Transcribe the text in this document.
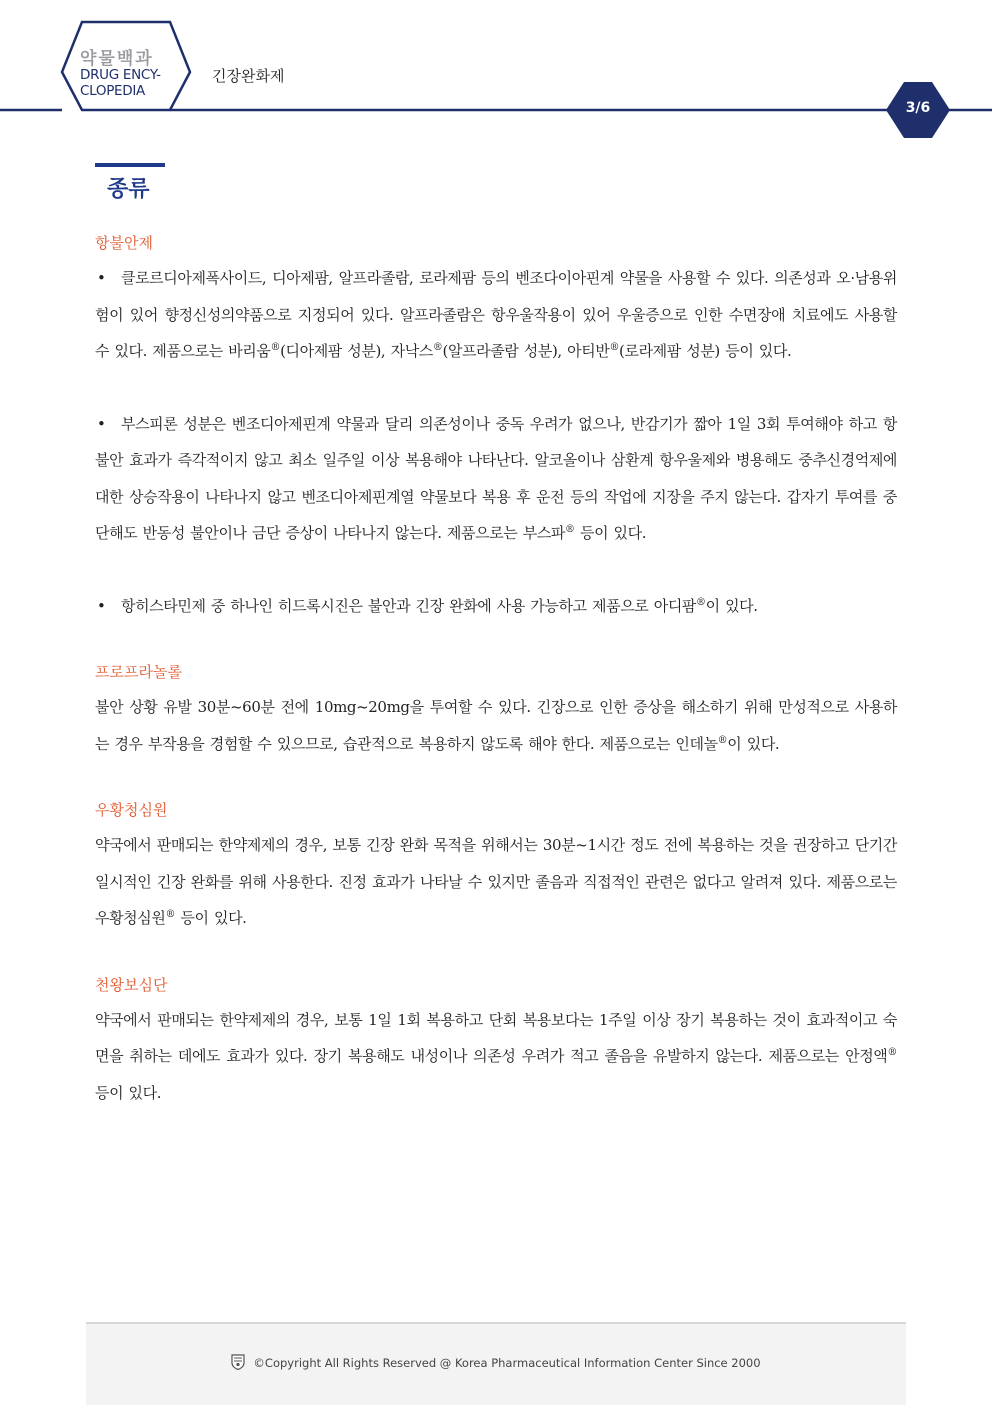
약물백과
DRUG ENCY-
CLOPEDIA
긴장완화제
3/6
종류
항불안제
• 클로르디아제폭사이드, 디아제팜, 알프라졸람, 로라제팜 등의 벤조다이아핀계 약물을 사용할 수 있다. 의존성과 오·남용위험이 있어 향정신성의약품으로 지정되어 있다. 알프라졸람은 항우울작용이 있어 우울증으로 인한 수면장애 치료에도 사용할 수 있다. 제품으로는 바리움®(디아제팜 성분), 자낙스®(알프라졸람 성분), 아티반®(로라제팜 성분) 등이 있다.
• 부스피론 성분은 벤조디아제핀계 약물과 달리 의존성이나 중독 우려가 없으나, 반감기가 짧아 1일 3회 투여해야 하고 항불안 효과가 즉각적이지 않고 최소 일주일 이상 복용해야 나타난다. 알코올이나 삼환계 항우울제와 병용해도 중추신경억제에 대한 상승작용이 나타나지 않고 벤조디아제핀계열 약물보다 복용 후 운전 등의 작업에 지장을 주지 않는다. 갑자기 투여를 중단해도 반동성 불안이나 금단 증상이 나타나지 않는다. 제품으로는 부스파® 등이 있다.
• 항히스타민제 중 하나인 히드록시진은 불안과 긴장 완화에 사용 가능하고 제품으로 아디팜®이 있다.
프로프라놀롤
불안 상황 유발 30분~60분 전에 10mg~20mg을 투여할 수 있다. 긴장으로 인한 증상을 해소하기 위해 만성적으로 사용하는 경우 부작용을 경험할 수 있으므로, 습관적으로 복용하지 않도록 해야 한다. 제품으로는 인데놀®이 있다.
우황청심원
약국에서 판매되는 한약제제의 경우, 보통 긴장 완화 목적을 위해서는 30분~1시간 정도 전에 복용하는 것을 권장하고 단기간 일시적인 긴장 완화를 위해 사용한다. 진정 효과가 나타날 수 있지만 졸음과 직접적인 관련은 없다고 알려져 있다. 제품으로는 우황청심원® 등이 있다.
천왕보심단
약국에서 판매되는 한약제제의 경우, 보통 1일 1회 복용하고 단회 복용보다는 1주일 이상 장기 복용하는 것이 효과적이고 숙면을 취하는 데에도 효과가 있다. 장기 복용해도 내성이나 의존성 우려가 적고 졸음을 유발하지 않는다. 제품으로는 안정액® 등이 있다.
©Copyright All Rights Reserved @ Korea Pharmaceutical Information Center Since 2000
